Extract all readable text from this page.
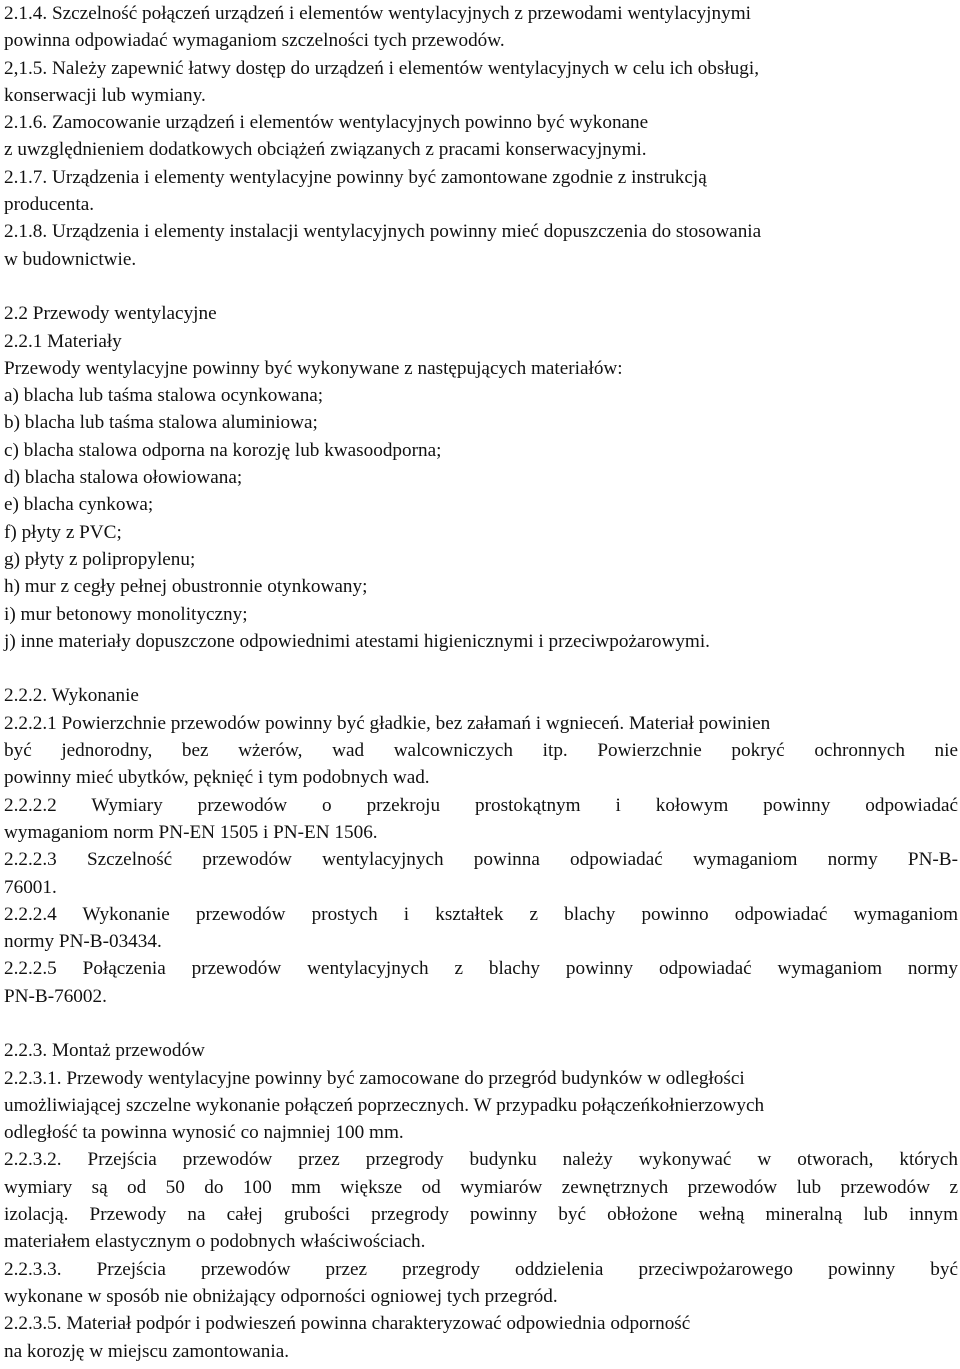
2.1.4. Szczelność połączeń urządzeń i elementów wentylacyjnych z przewodami wentylacyjnymi
powinna odpowiadać wymaganiom szczelności tych przewodów.
2,1.5. Należy zapewnić łatwy dostęp do urządzeń i elementów wentylacyjnych w celu ich obsługi,
konserwacji lub wymiany.
2.1.6. Zamocowanie urządzeń i elementów wentylacyjnych powinno być wykonane
z uwzględnieniem dodatkowych obciążeń związanych z pracami konserwacyjnymi.
2.1.7. Urządzenia i elementy wentylacyjne powinny być zamontowane zgodnie z instrukcją
producenta.
2.1.8. Urządzenia i elementy instalacji wentylacyjnych powinny mieć dopuszczenia do stosowania
w budownictwie.
2.2 Przewody wentylacyjne
2.2.1 Materiały
Przewody wentylacyjne powinny być wykonywane z następujących materiałów:
a) blacha lub taśma stalowa ocynkowana;
b) blacha lub taśma stalowa aluminiowa;
c) blacha stalowa odporna na korozję lub kwasoodporna;
d) blacha stalowa ołowiowana;
e) blacha cynkowa;
f) płyty z PVC;
g) płyty z polipropylenu;
h) mur z cegły pełnej obustronnie otynkowany;
i) mur betonowy monolityczny;
j) inne materiały dopuszczone odpowiednimi atestami higienicznymi i przeciwpożarowymi.
2.2.2. Wykonanie
2.2.2.1 Powierzchnie przewodów powinny być gładkie, bez załamań i wgnieceń. Materiał powinien
być jednorodny, bez wżerów, wad walcowniczych itp. Powierzchnie pokryć ochronnych nie
powinny mieć ubytków, pęknięć i tym podobnych wad.
2.2.2.2 Wymiary przewodów o przekroju prostokątnym i kołowym powinny odpowiadać
wymaganiom norm PN-EN 1505 i PN-EN 1506.
2.2.2.3 Szczelność przewodów wentylacyjnych powinna odpowiadać wymaganiom normy PN-B-
76001.
2.2.2.4 Wykonanie przewodów prostych i kształtek z blachy powinno odpowiadać wymaganiom
normy PN-B-03434.
2.2.2.5 Połączenia przewodów wentylacyjnych z blachy powinny odpowiadać wymaganiom normy
PN-B-76002.
2.2.3. Montaż przewodów
2.2.3.1. Przewody wentylacyjne powinny być zamocowane do przegród budynków w odległości
umożliwiającej szczelne wykonanie połączeń poprzecznych. W przypadku połączeńkołnierzowych
odległość ta powinna wynosić co najmniej 100 mm.
2.2.3.2. Przejścia przewodów przez przegrody budynku należy wykonywać w otworach, których
wymiary są od 50 do 100 mm większe od wymiarów zewnętrznych przewodów lub przewodów z
izolacją. Przewody na całej grubości przegrody powinny być obłożone wełną mineralną lub innym
materiałem elastycznym o podobnych właściwościach.
2.2.3.3. Przejścia przewodów przez przegrody oddzielenia przeciwpożarowego powinny być
wykonane w sposób nie obniżający odporności ogniowej tych przegród.
2.2.3.5. Materiał podpór i podwieszeń powinna charakteryzować odpowiednia odporność
na korozję w miejscu zamontowania.
